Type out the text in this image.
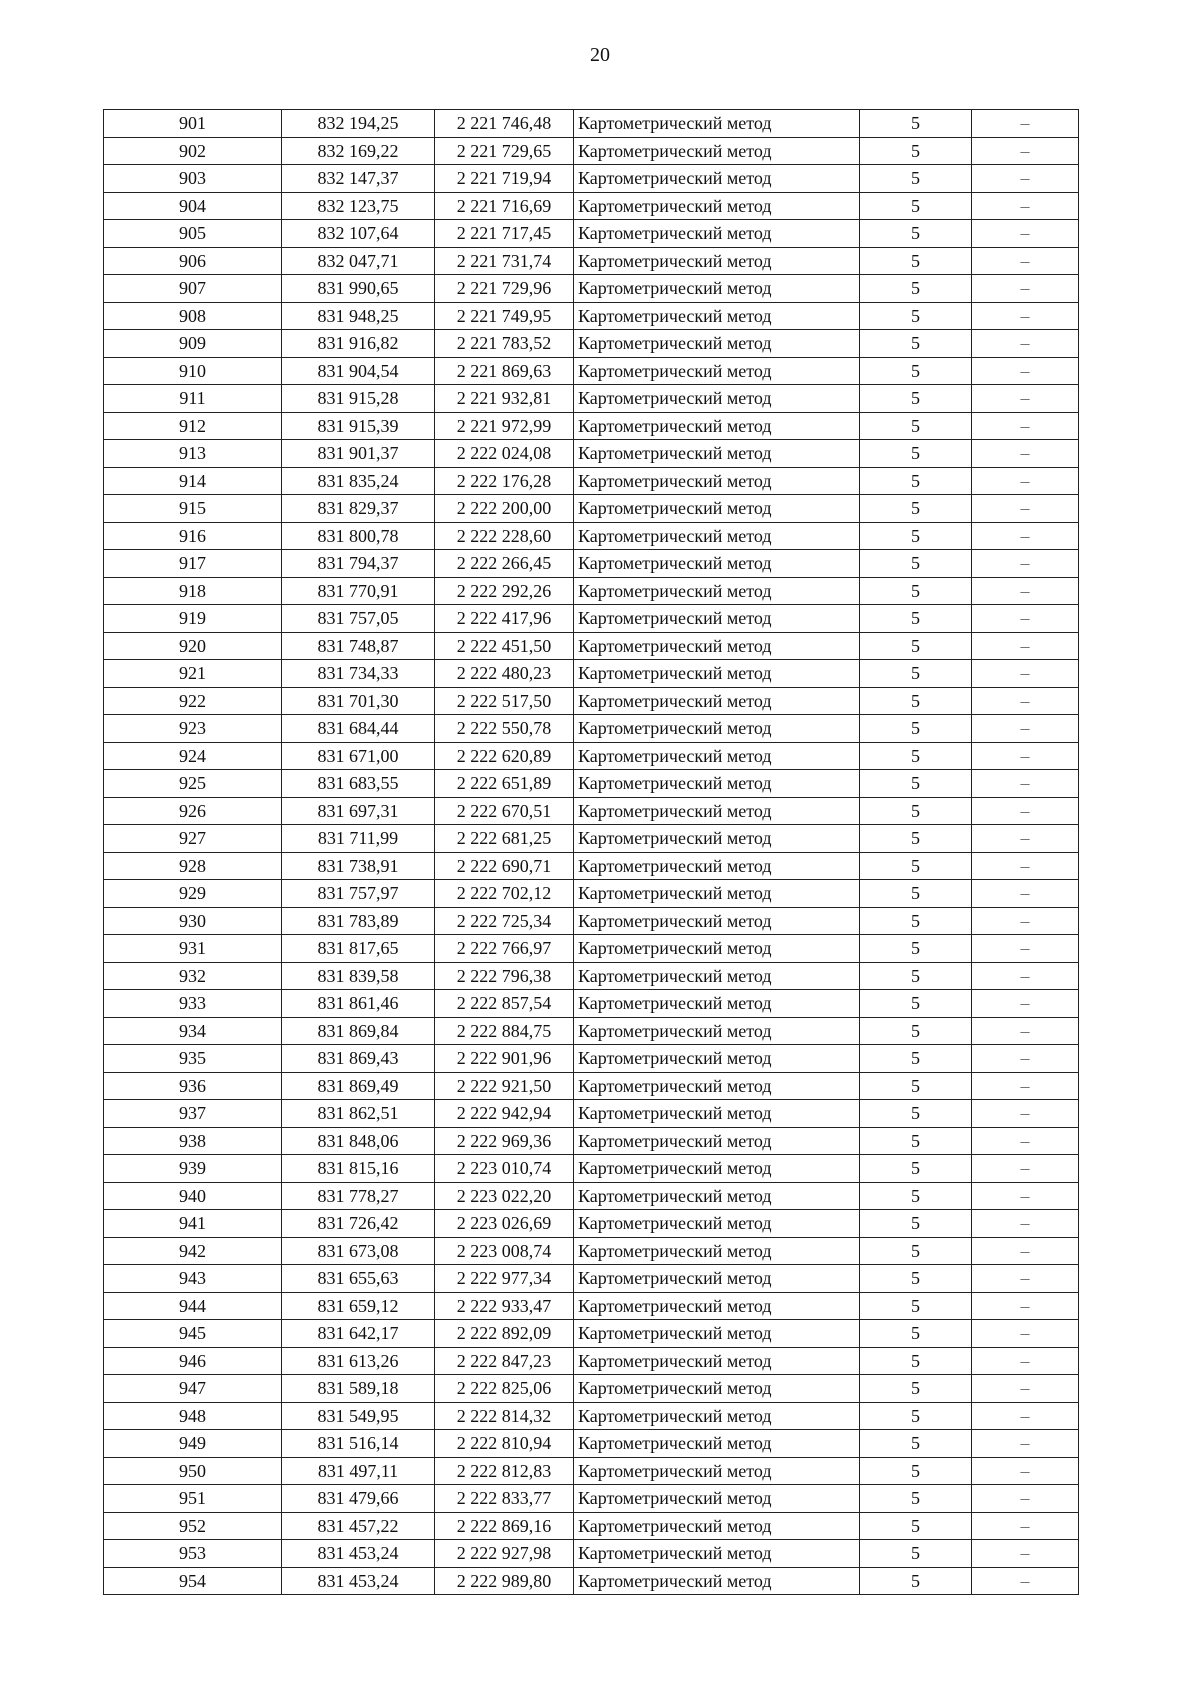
20
901	832 194,25	2 221 746,48	Картометрический метод	5	–
902	832 169,22	2 221 729,65	Картометрический метод	5	–
903	832 147,37	2 221 719,94	Картометрический метод	5	–
904	832 123,75	2 221 716,69	Картометрический метод	5	–
905	832 107,64	2 221 717,45	Картометрический метод	5	–
906	832 047,71	2 221 731,74	Картометрический метод	5	–
907	831 990,65	2 221 729,96	Картометрический метод	5	–
908	831 948,25	2 221 749,95	Картометрический метод	5	–
909	831 916,82	2 221 783,52	Картометрический метод	5	–
910	831 904,54	2 221 869,63	Картометрический метод	5	–
911	831 915,28	2 221 932,81	Картометрический метод	5	–
912	831 915,39	2 221 972,99	Картометрический метод	5	–
913	831 901,37	2 222 024,08	Картометрический метод	5	–
914	831 835,24	2 222 176,28	Картометрический метод	5	–
915	831 829,37	2 222 200,00	Картометрический метод	5	–
916	831 800,78	2 222 228,60	Картометрический метод	5	–
917	831 794,37	2 222 266,45	Картометрический метод	5	–
918	831 770,91	2 222 292,26	Картометрический метод	5	–
919	831 757,05	2 222 417,96	Картометрический метод	5	–
920	831 748,87	2 222 451,50	Картометрический метод	5	–
921	831 734,33	2 222 480,23	Картометрический метод	5	–
922	831 701,30	2 222 517,50	Картометрический метод	5	–
923	831 684,44	2 222 550,78	Картометрический метод	5	–
924	831 671,00	2 222 620,89	Картометрический метод	5	–
925	831 683,55	2 222 651,89	Картометрический метод	5	–
926	831 697,31	2 222 670,51	Картометрический метод	5	–
927	831 711,99	2 222 681,25	Картометрический метод	5	–
928	831 738,91	2 222 690,71	Картометрический метод	5	–
929	831 757,97	2 222 702,12	Картометрический метод	5	–
930	831 783,89	2 222 725,34	Картометрический метод	5	–
931	831 817,65	2 222 766,97	Картометрический метод	5	–
932	831 839,58	2 222 796,38	Картометрический метод	5	–
933	831 861,46	2 222 857,54	Картометрический метод	5	–
934	831 869,84	2 222 884,75	Картометрический метод	5	–
935	831 869,43	2 222 901,96	Картометрический метод	5	–
936	831 869,49	2 222 921,50	Картометрический метод	5	–
937	831 862,51	2 222 942,94	Картометрический метод	5	–
938	831 848,06	2 222 969,36	Картометрический метод	5	–
939	831 815,16	2 223 010,74	Картометрический метод	5	–
940	831 778,27	2 223 022,20	Картометрический метод	5	–
941	831 726,42	2 223 026,69	Картометрический метод	5	–
942	831 673,08	2 223 008,74	Картометрический метод	5	–
943	831 655,63	2 222 977,34	Картометрический метод	5	–
944	831 659,12	2 222 933,47	Картометрический метод	5	–
945	831 642,17	2 222 892,09	Картометрический метод	5	–
946	831 613,26	2 222 847,23	Картометрический метод	5	–
947	831 589,18	2 222 825,06	Картометрический метод	5	–
948	831 549,95	2 222 814,32	Картометрический метод	5	–
949	831 516,14	2 222 810,94	Картометрический метод	5	–
950	831 497,11	2 222 812,83	Картометрический метод	5	–
951	831 479,66	2 222 833,77	Картометрический метод	5	–
952	831 457,22	2 222 869,16	Картометрический метод	5	–
953	831 453,24	2 222 927,98	Картометрический метод	5	–
954	831 453,24	2 222 989,80	Картометрический метод	5	–
